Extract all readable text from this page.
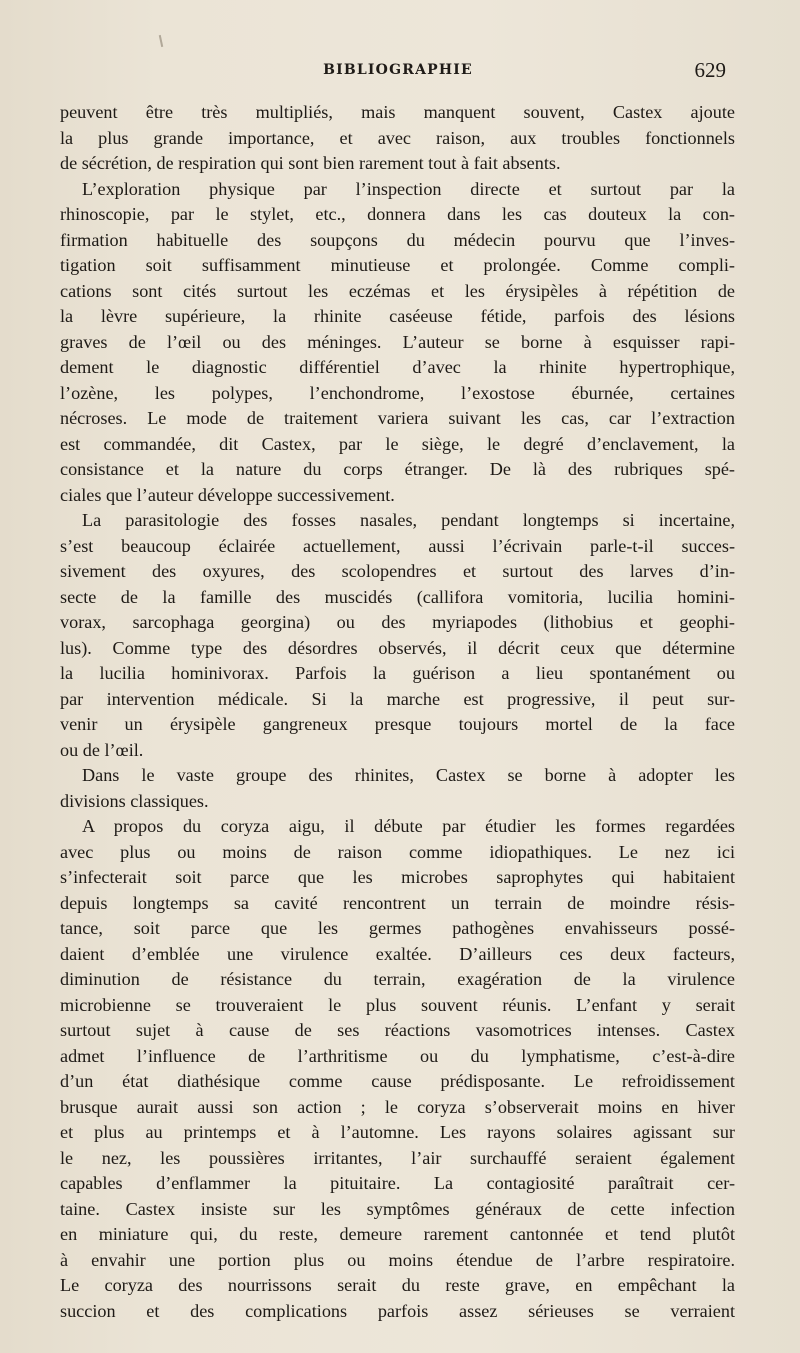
BIBLIOGRAPHIE	629
peuvent être très multipliés, mais manquent souvent, Castex ajoute
la plus grande importance, et avec raison, aux troubles fonctionnels
de sécrétion, de respiration qui sont bien rarement tout à fait absents.
L’exploration physique par l’inspection directe et surtout par la
rhinoscopie, par le stylet, etc., donnera dans les cas douteux la con-
firmation habituelle des soupçons du médecin pourvu que l’inves-
tigation soit suffisamment minutieuse et prolongée. Comme compli-
cations sont cités surtout les eczémas et les érysipèles à répétition de
la lèvre supérieure, la rhinite caséeuse fétide, parfois des lésions
graves de l’œil ou des méninges. L’auteur se borne à esquisser rapi-
dement le diagnostic différentiel d’avec la rhinite hypertrophique,
l’ozène, les polypes, l’enchondrome, l’exostose éburnée, certaines
nécroses. Le mode de traitement variera suivant les cas, car l’extraction
est commandée, dit Castex, par le siège, le degré d’enclavement, la
consistance et la nature du corps étranger. De là des rubriques spé-
ciales que l’auteur développe successivement.
La parasitologie des fosses nasales, pendant longtemps si incertaine,
s’est beaucoup éclairée actuellement, aussi l’écrivain parle-t-il succes-
sivement des oxyures, des scolopendres et surtout des larves d’in-
secte de la famille des muscidés (callifora vomitoria, lucilia homini-
vorax, sarcophaga georgina) ou des myriapodes (lithobius et geophi-
lus). Comme type des désordres observés, il décrit ceux que détermine
la lucilia hominivorax. Parfois la guérison a lieu spontanément ou
par intervention médicale. Si la marche est progressive, il peut sur-
venir un érysipèle gangreneux presque toujours mortel de la face
ou de l’œil.
Dans le vaste groupe des rhinites, Castex se borne à adopter les
divisions classiques.
A propos du coryza aigu, il débute par étudier les formes regardées
avec plus ou moins de raison comme idiopathiques. Le nez ici
s’infecterait soit parce que les microbes saprophytes qui habitaient
depuis longtemps sa cavité rencontrent un terrain de moindre résis-
tance, soit parce que les germes pathogènes envahisseurs possé-
daient d’emblée une virulence exaltée. D’ailleurs ces deux facteurs,
diminution de résistance du terrain, exagération de la virulence
microbienne se trouveraient le plus souvent réunis. L’enfant y serait
surtout sujet à cause de ses réactions vasomotrices intenses. Castex
admet l’influence de l’arthritisme ou du lymphatisme, c’est-à-dire
d’un état diathésique comme cause prédisposante. Le refroidissement
brusque aurait aussi son action ; le coryza s’observerait moins en hiver
et plus au printemps et à l’automne. Les rayons solaires agissant sur
le nez, les poussières irritantes, l’air surchauffé seraient également
capables d’enflammer la pituitaire. La contagiosité paraîtrait cer-
taine. Castex insiste sur les symptômes généraux de cette infection
en miniature qui, du reste, demeure rarement cantonnée et tend plutôt
à envahir une portion plus ou moins étendue de l’arbre respiratoire.
Le coryza des nourrissons serait du reste grave, en empêchant la
succion et des complications parfois assez sérieuses se verraient
